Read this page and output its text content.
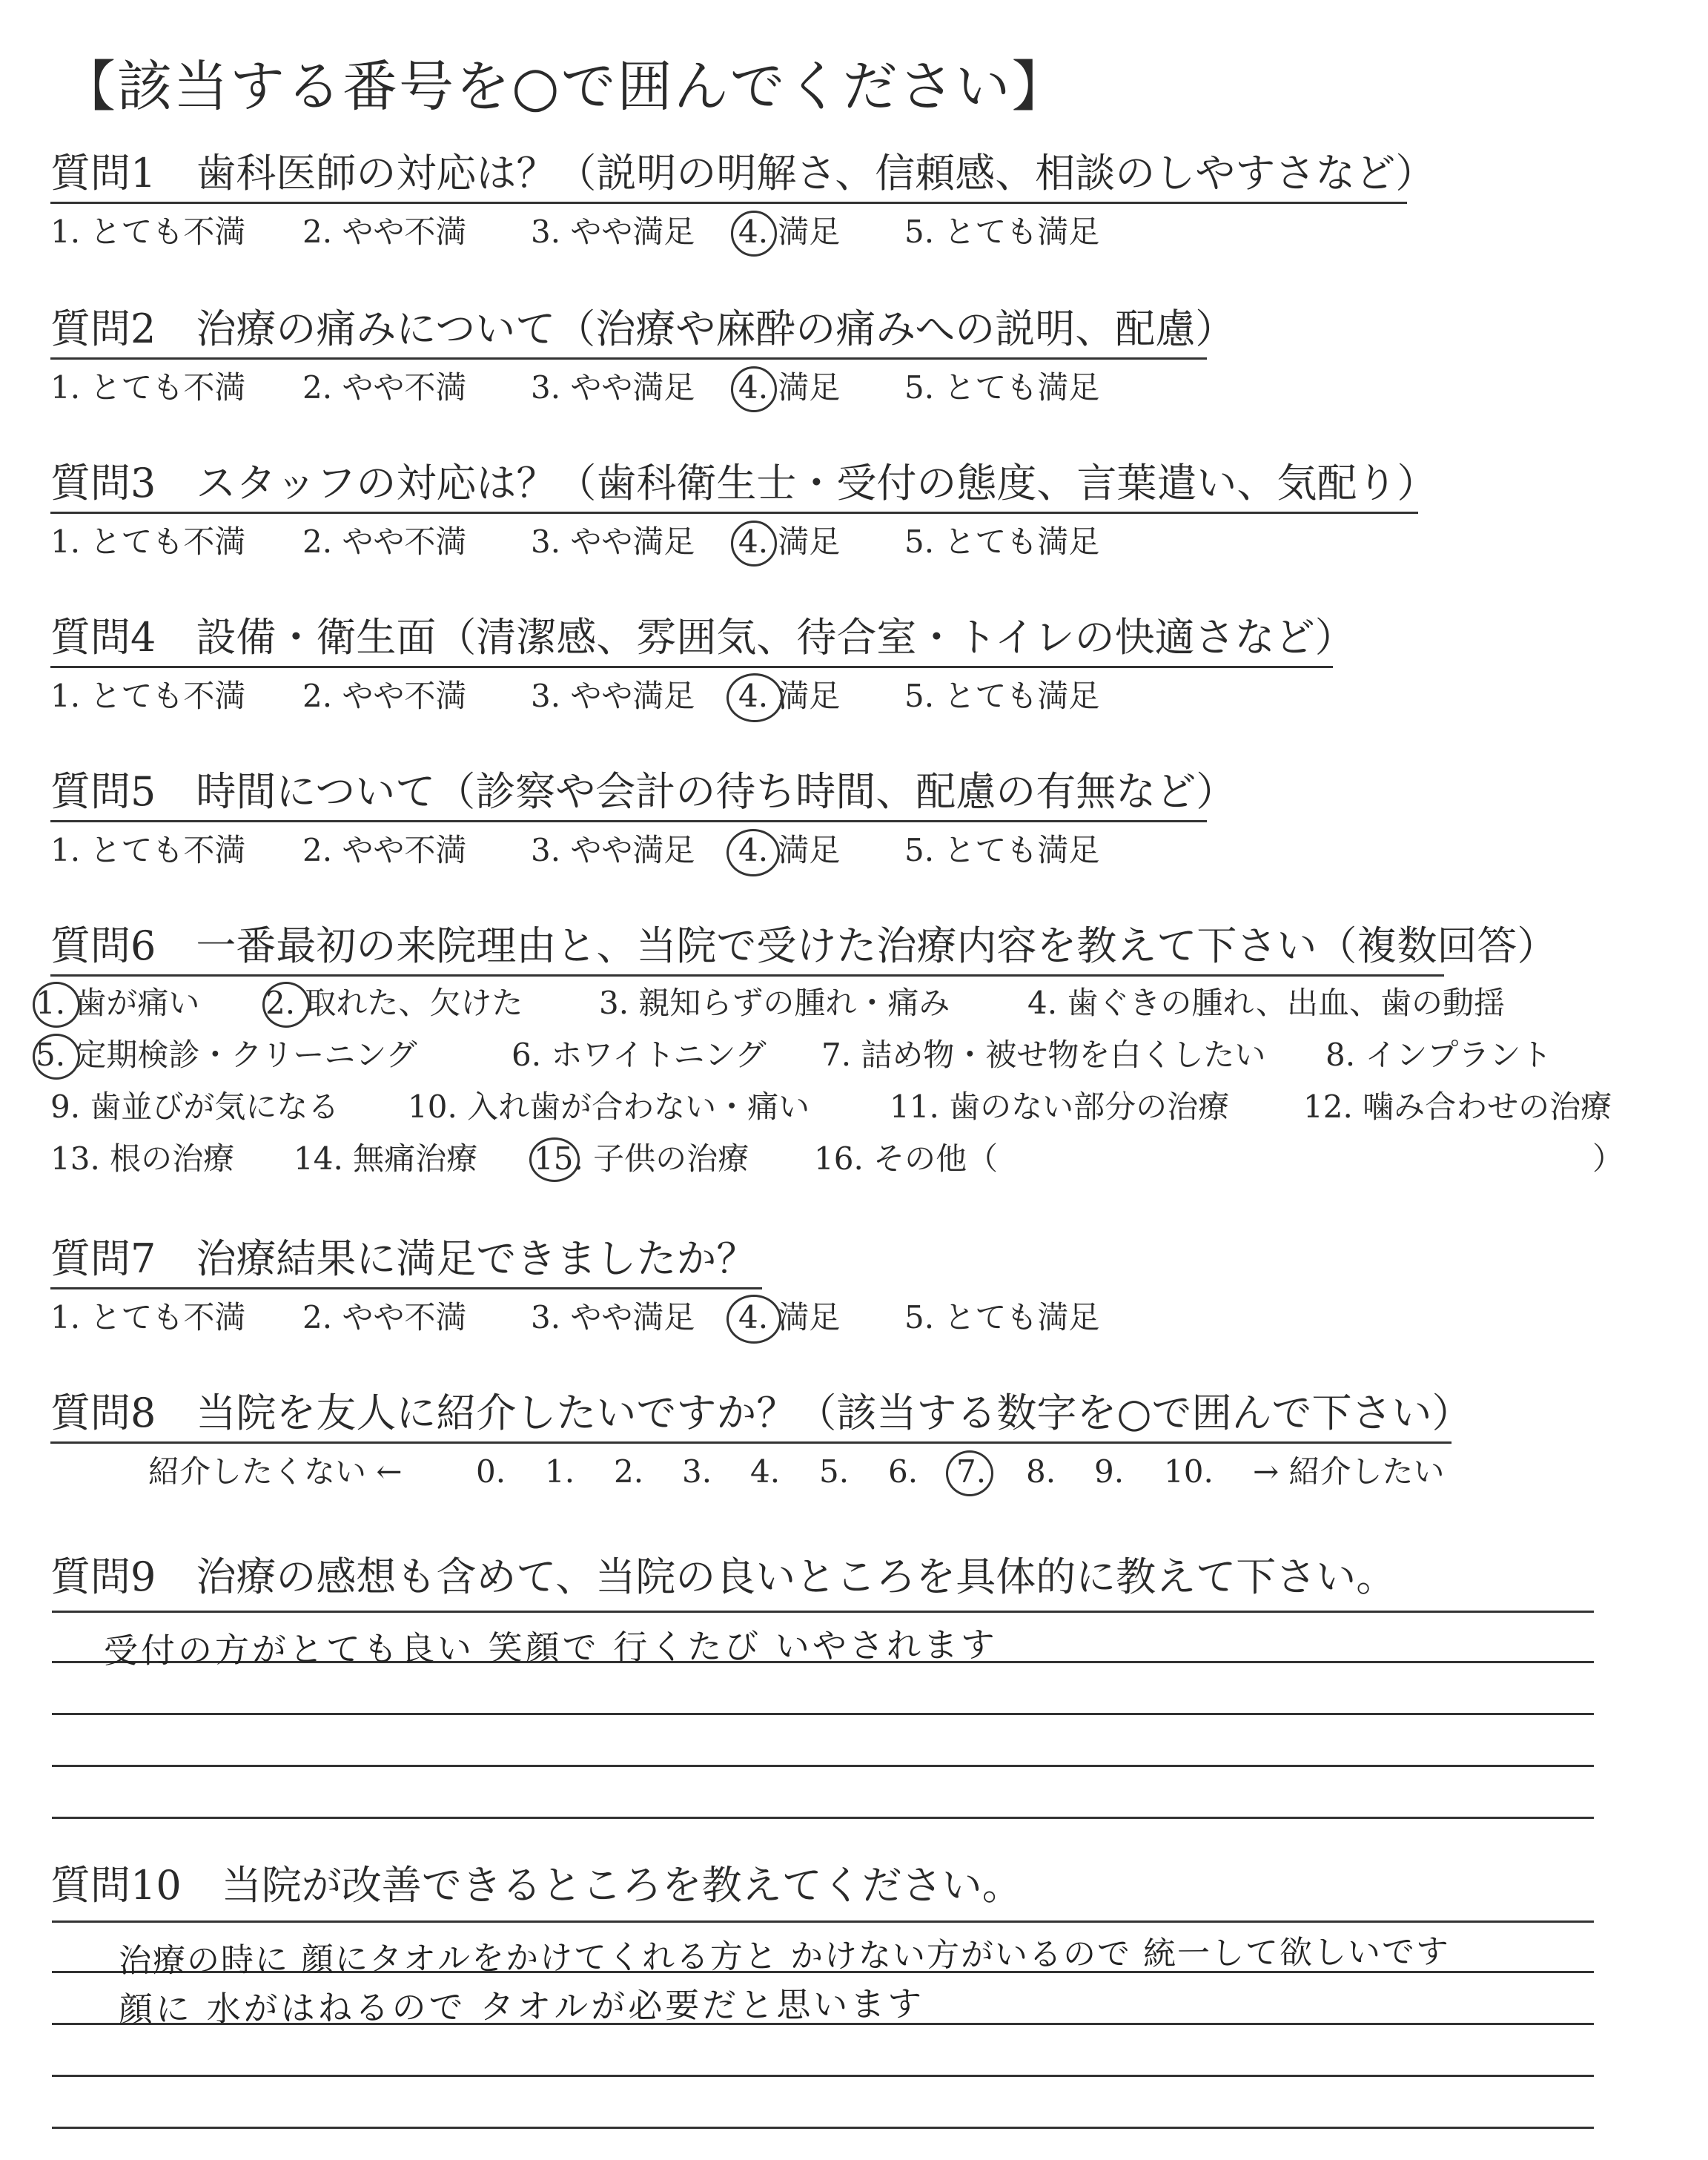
【該当する番号を○で囲んでください】
質問1　歯科医師の対応は？（説明の明解さ、信頼感、相談のしやすさなど）
1. とても不満 2. やや不満 3. やや満足 4. 満足 5. とても満足
質問2　治療の痛みについて（治療や麻酔の痛みへの説明、配慮）
1. とても不満 2. やや不満 3. やや満足 4. 満足 5. とても満足
質問3　スタッフの対応は？（歯科衛生士・受付の態度、言葉遣い、気配り）
1. とても不満 2. やや不満 3. やや満足 4. 満足 5. とても満足
質問4　設備・衛生面（清潔感、雰囲気、待合室・トイレの快適さなど）
1. とても不満 2. やや不満 3. やや満足 4. 満足 5. とても満足
質問5　時間について（診察や会計の待ち時間、配慮の有無など）
1. とても不満 2. やや不満 3. やや満足 4. 満足 5. とても満足
質問6　一番最初の来院理由と、当院で受けた治療内容を教えて下さい（複数回答）
1. 歯が痛い 2. 取れた、欠けた 3. 親知らずの腫れ・痛み 4. 歯ぐきの腫れ、出血、歯の動揺
5. 定期検診・クリーニング	6. ホワイトニング 7. 詰め物・被せ物を白くしたい 8. インプラント
9. 歯並びが気になる 10. 入れ歯が合わない・痛い	11. 歯のない部分の治療 12. 噛み合わせの治療
13. 根の治療 14. 無痛治療 15. 子供の治療 16. その他（	）
質問7　治療結果に満足できましたか？
1. とても不満 2. やや不満 3. やや満足 4. 満足 5. とても満足
質問8　当院を友人に紹介したいですか？（該当する数字を○で囲んで下さい）
紹介したくない ← 0. 1. 2. 3. 4. 5. 6. 7. 8. 9. 10. → 紹介したい
質問9　治療の感想も含めて、当院の良いところを具体的に教えて下さい。
受付の方がとても良い 笑顔で 行くたび いやされます
質問10　当院が改善できるところを教えてください。
治療の時に 顔にタオルをかけてくれる方と かけない方がいるので 統一して欲しいです
顔に 水がはねるので タオルが必要だと思います
